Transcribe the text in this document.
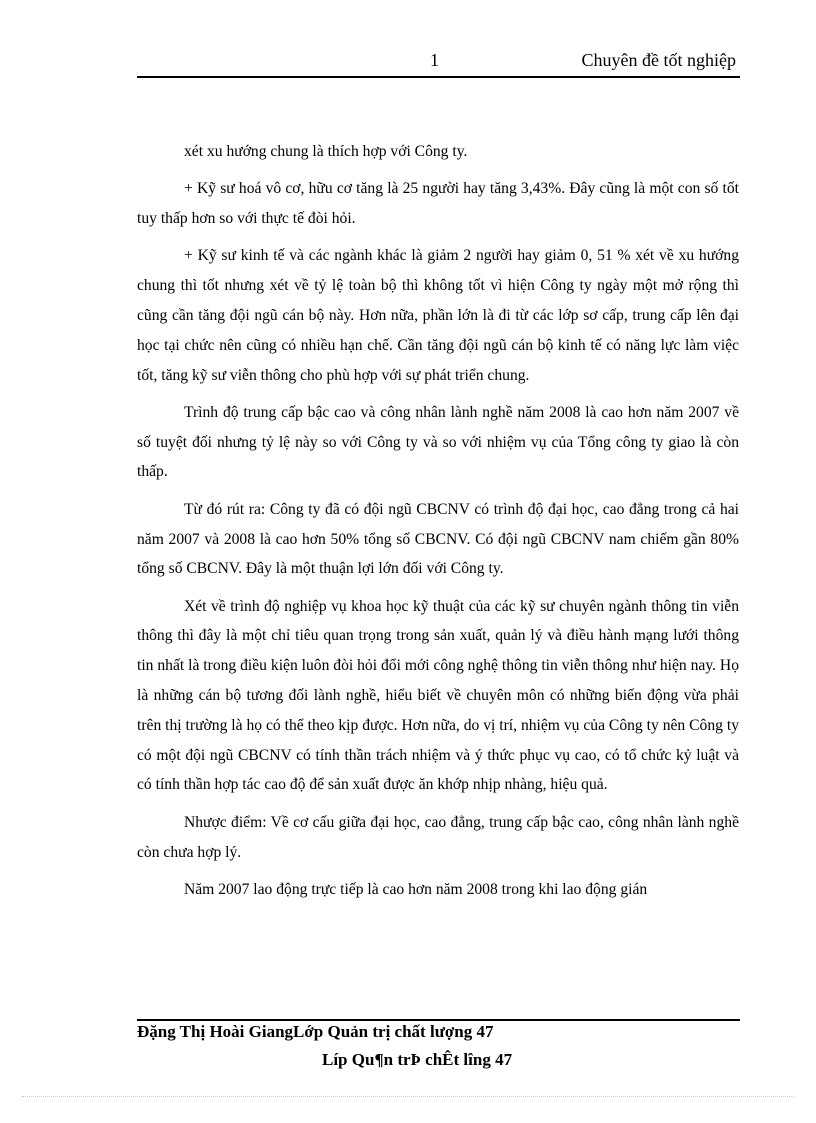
1	Chuyên đề tốt nghiệp

xét xu hướng chung là thích hợp với Công ty.

+ Kỹ sư hoá vô cơ, hữu cơ tăng là 25 người hay tăng 3,43%. Đây cũng là một con số tốt tuy thấp hơn so với thực tế đòi hỏi.

+ Kỹ sư kinh tế và các ngành khác là giảm 2 người hay giảm 0, 51 % xét về xu hướng chung thì tốt nhưng xét về tỷ lệ toàn bộ thì không tốt vì hiện Công ty ngày một mở rộng thì cũng cần tăng đội ngũ cán bộ này. Hơn nữa, phần lớn là đi từ các lớp sơ cấp, trung cấp lên đại học tại chức nên cũng có nhiều hạn chế. Cần tăng đội ngũ cán bộ kinh tế có năng lực làm việc tốt, tăng kỹ sư viễn thông cho phù hợp với sự phát triển chung.

Trình độ trung cấp bậc cao và công nhân lành nghề năm 2008 là cao hơn năm 2007 về số tuyệt đối nhưng tỷ lệ này so với Công ty và so với nhiệm vụ của Tổng công ty giao là còn thấp.

Từ đó rút ra: Công ty đã có đội ngũ CBCNV có trình độ đại học, cao đẳng trong cả hai năm 2007 và 2008 là cao hơn 50% tổng số CBCNV. Có đội ngũ CBCNV nam chiếm gần 80% tổng số CBCNV. Đây là một thuận lợi lớn đối với Công ty.

Xét về trình độ nghiệp vụ khoa học kỹ thuật của các kỹ sư chuyên ngành thông tin viễn thông thì đây là một chỉ tiêu quan trọng trong sản xuất, quản lý và điều hành mạng lưới thông tin nhất là trong điều kiện luôn đòi hỏi đổi mới công nghệ thông tin viễn thông như hiện nay. Họ là những cán bộ tương đối lành nghề, hiểu biết về chuyên môn có những biến động vừa phải trên thị trường là họ có thể theo kịp được. Hơn nữa, do vị trí, nhiệm vụ của Công ty nên Công ty có một đội ngũ CBCNV có tính thần trách nhiệm và ý thức phục vụ cao, có tổ chức kỷ luật và có tính thần hợp tác cao độ để sản xuất được ăn khớp nhịp nhàng, hiệu quả.

Nhược điểm: Về cơ cấu giữa đại học, cao đẳng, trung cấp bậc cao, công nhân lành nghề còn chưa hợp lý.

Năm 2007 lao động trực tiếp là cao hơn năm 2008 trong khi lao động gián

Đặng Thị Hoài GiangLớp Quản trị chất lượng 47
Líp Qu¶n trÞ chÊt lîng 47
